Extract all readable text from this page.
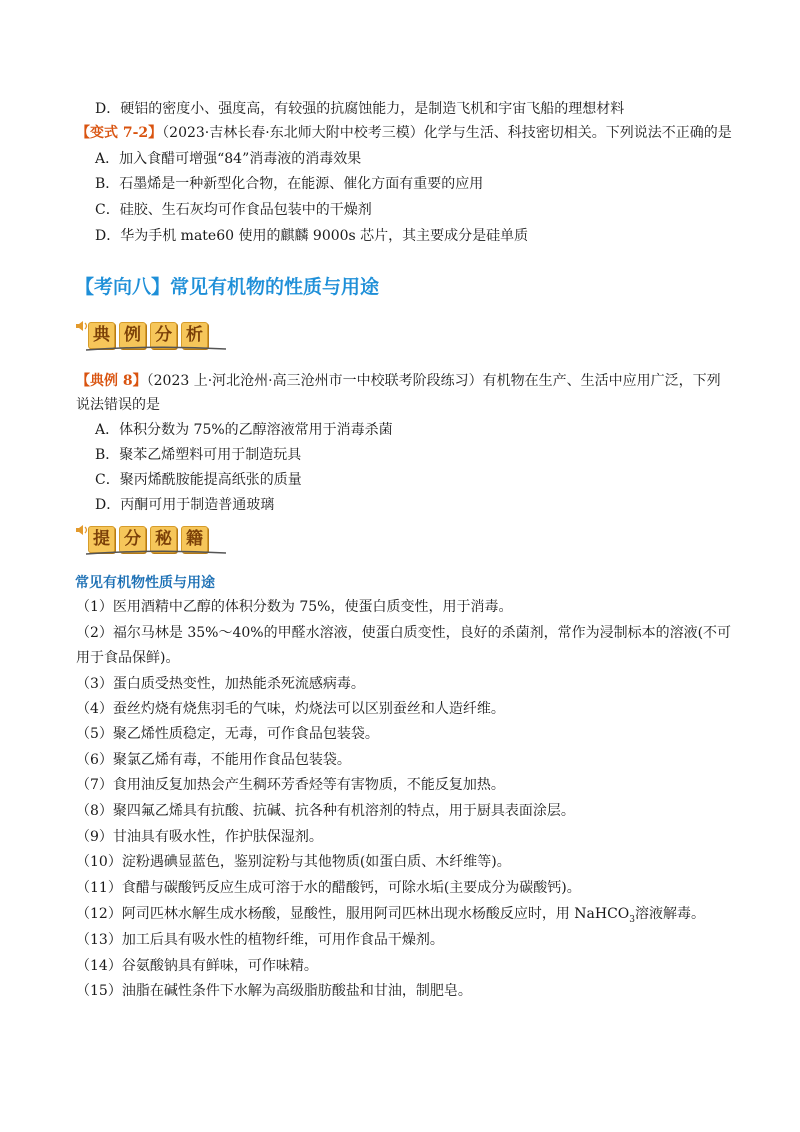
D．硬铝的密度小、强度高，有较强的抗腐蚀能力，是制造飞机和宇宙飞船的理想材料
【变式 7-2】（2023·吉林长春·东北师大附中校考三模）化学与生活、科技密切相关。下列说法不正确的是
A．加入食醋可增强“84”消毒液的消毒效果
B．石墨烯是一种新型化合物，在能源、催化方面有重要的应用
C．硅胶、生石灰均可作食品包装中的干燥剂
D．华为手机 mate60 使用的麒麟 9000s 芯片，其主要成分是硅单质
【考向八】常见有机物的性质与用途
典 例 分 析
【典例 8】（2023 上·河北沧州·高三沧州市一中校联考阶段练习）有机物在生产、生活中应用广泛，下列
说法错误的是
A．体积分数为 75%的乙醇溶液常用于消毒杀菌
B．聚苯乙烯塑料可用于制造玩具
C．聚丙烯酰胺能提高纸张的质量
D．丙酮可用于制造普通玻璃
提 分 秘 籍
常见有机物性质与用途
（1）医用酒精中乙醇的体积分数为 75%，使蛋白质变性，用于消毒。
（2）福尔马林是 35%～40%的甲醛水溶液，使蛋白质变性，良好的杀菌剂，常作为浸制标本的溶液(不可
用于食品保鲜)。
（3）蛋白质受热变性，加热能杀死流感病毒。
（4）蚕丝灼烧有烧焦羽毛的气味，灼烧法可以区别蚕丝和人造纤维。
（5）聚乙烯性质稳定，无毒，可作食品包装袋。
（6）聚氯乙烯有毒，不能用作食品包装袋。
（7）食用油反复加热会产生稠环芳香烃等有害物质，不能反复加热。
（8）聚四氟乙烯具有抗酸、抗碱、抗各种有机溶剂的特点，用于厨具表面涂层。
（9）甘油具有吸水性，作护肤保湿剂。
（10）淀粉遇碘显蓝色，鉴别淀粉与其他物质(如蛋白质、木纤维等)。
（11）食醋与碳酸钙反应生成可溶于水的醋酸钙，可除水垢(主要成分为碳酸钙)。
（12）阿司匹林水解生成水杨酸，显酸性，服用阿司匹林出现水杨酸反应时，用 NaHCO$_3$溶液解毒。
（13）加工后具有吸水性的植物纤维，可用作食品干燥剂。
（14）谷氨酸钠具有鲜味，可作味精。
（15）油脂在碱性条件下水解为高级脂肪酸盐和甘油，制肥皂。
